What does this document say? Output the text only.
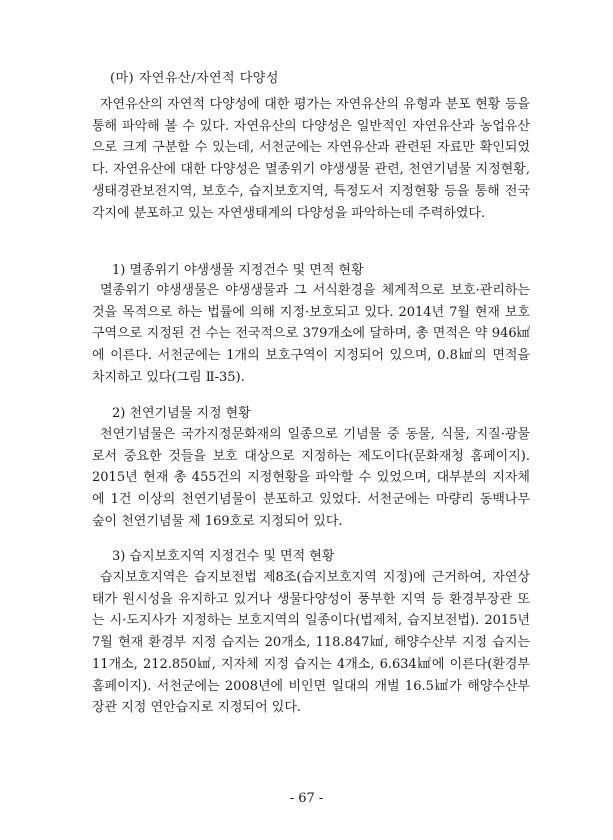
(마) 자연유산/자연적 다양성

자연유산의 자연적 다양성에 대한 평가는 자연유산의 유형과 분포 현황 등을 통해 파악해 볼 수 있다. 자연유산의 다양성은 일반적인 자연유산과 농업유산으로 크게 구분할 수 있는데, 서천군에는 자연유산과 관련된 자료만 확인되었다. 자연유산에 대한 다양성은 멸종위기 야생생물 관련, 천연기념물 지정현황, 생태경관보전지역, 보호수, 습지보호지역, 특정도서 지정현황 등을 통해 전국 각지에 분포하고 있는 자연생태계의 다양성을 파악하는데 주력하였다.

1) 멸종위기 야생생물 지정건수 및 면적 현황

멸종위기 야생생물은 야생생물과 그 서식환경을 체계적으로 보호·관리하는 것을 목적으로 하는 법률에 의해 지정·보호되고 있다. 2014년 7월 현재 보호구역으로 지정된 건 수는 전국적으로 379개소에 달하며, 총 면적은 약 946㎢에 이른다. 서천군에는 1개의 보호구역이 지정되어 있으며, 0.8㎢의 면적을 차지하고 있다(그림 Ⅱ-35).

2) 천연기념물 지정 현황

천연기념물은 국가지정문화재의 일종으로 기념물 중 동물, 식물, 지질·광물로서 중요한 것들을 보호 대상으로 지정하는 제도이다(문화재청 홈페이지). 2015년 현재 총 455건의 지정현황을 파악할 수 있었으며, 대부분의 지자체에 1건 이상의 천연기념물이 분포하고 있었다. 서천군에는 마량리 동백나무 숲이 천연기념물 제 169호로 지정되어 있다.

3) 습지보호지역 지정건수 및 면적 현황

습지보호지역은 습지보전법 제8조(습지보호지역 지정)에 근거하여, 자연상태가 원시성을 유지하고 있거나 생물다양성이 풍부한 지역 등 환경부장관 또는 시·도지사가 지정하는 보호지역의 일종이다(법제처, 습지보전법). 2015년 7월 현재 환경부 지정 습지는 20개소, 118.847㎢, 해양수산부 지정 습지는 11개소, 212.850㎢, 지자체 지정 습지는 4개소, 6.634㎢에 이른다(환경부 홈페이지). 서천군에는 2008년에 비인면 일대의 개벌 16.5㎢가 해양수산부장관 지정 연안습지로 지정되어 있다.

- 67 -
